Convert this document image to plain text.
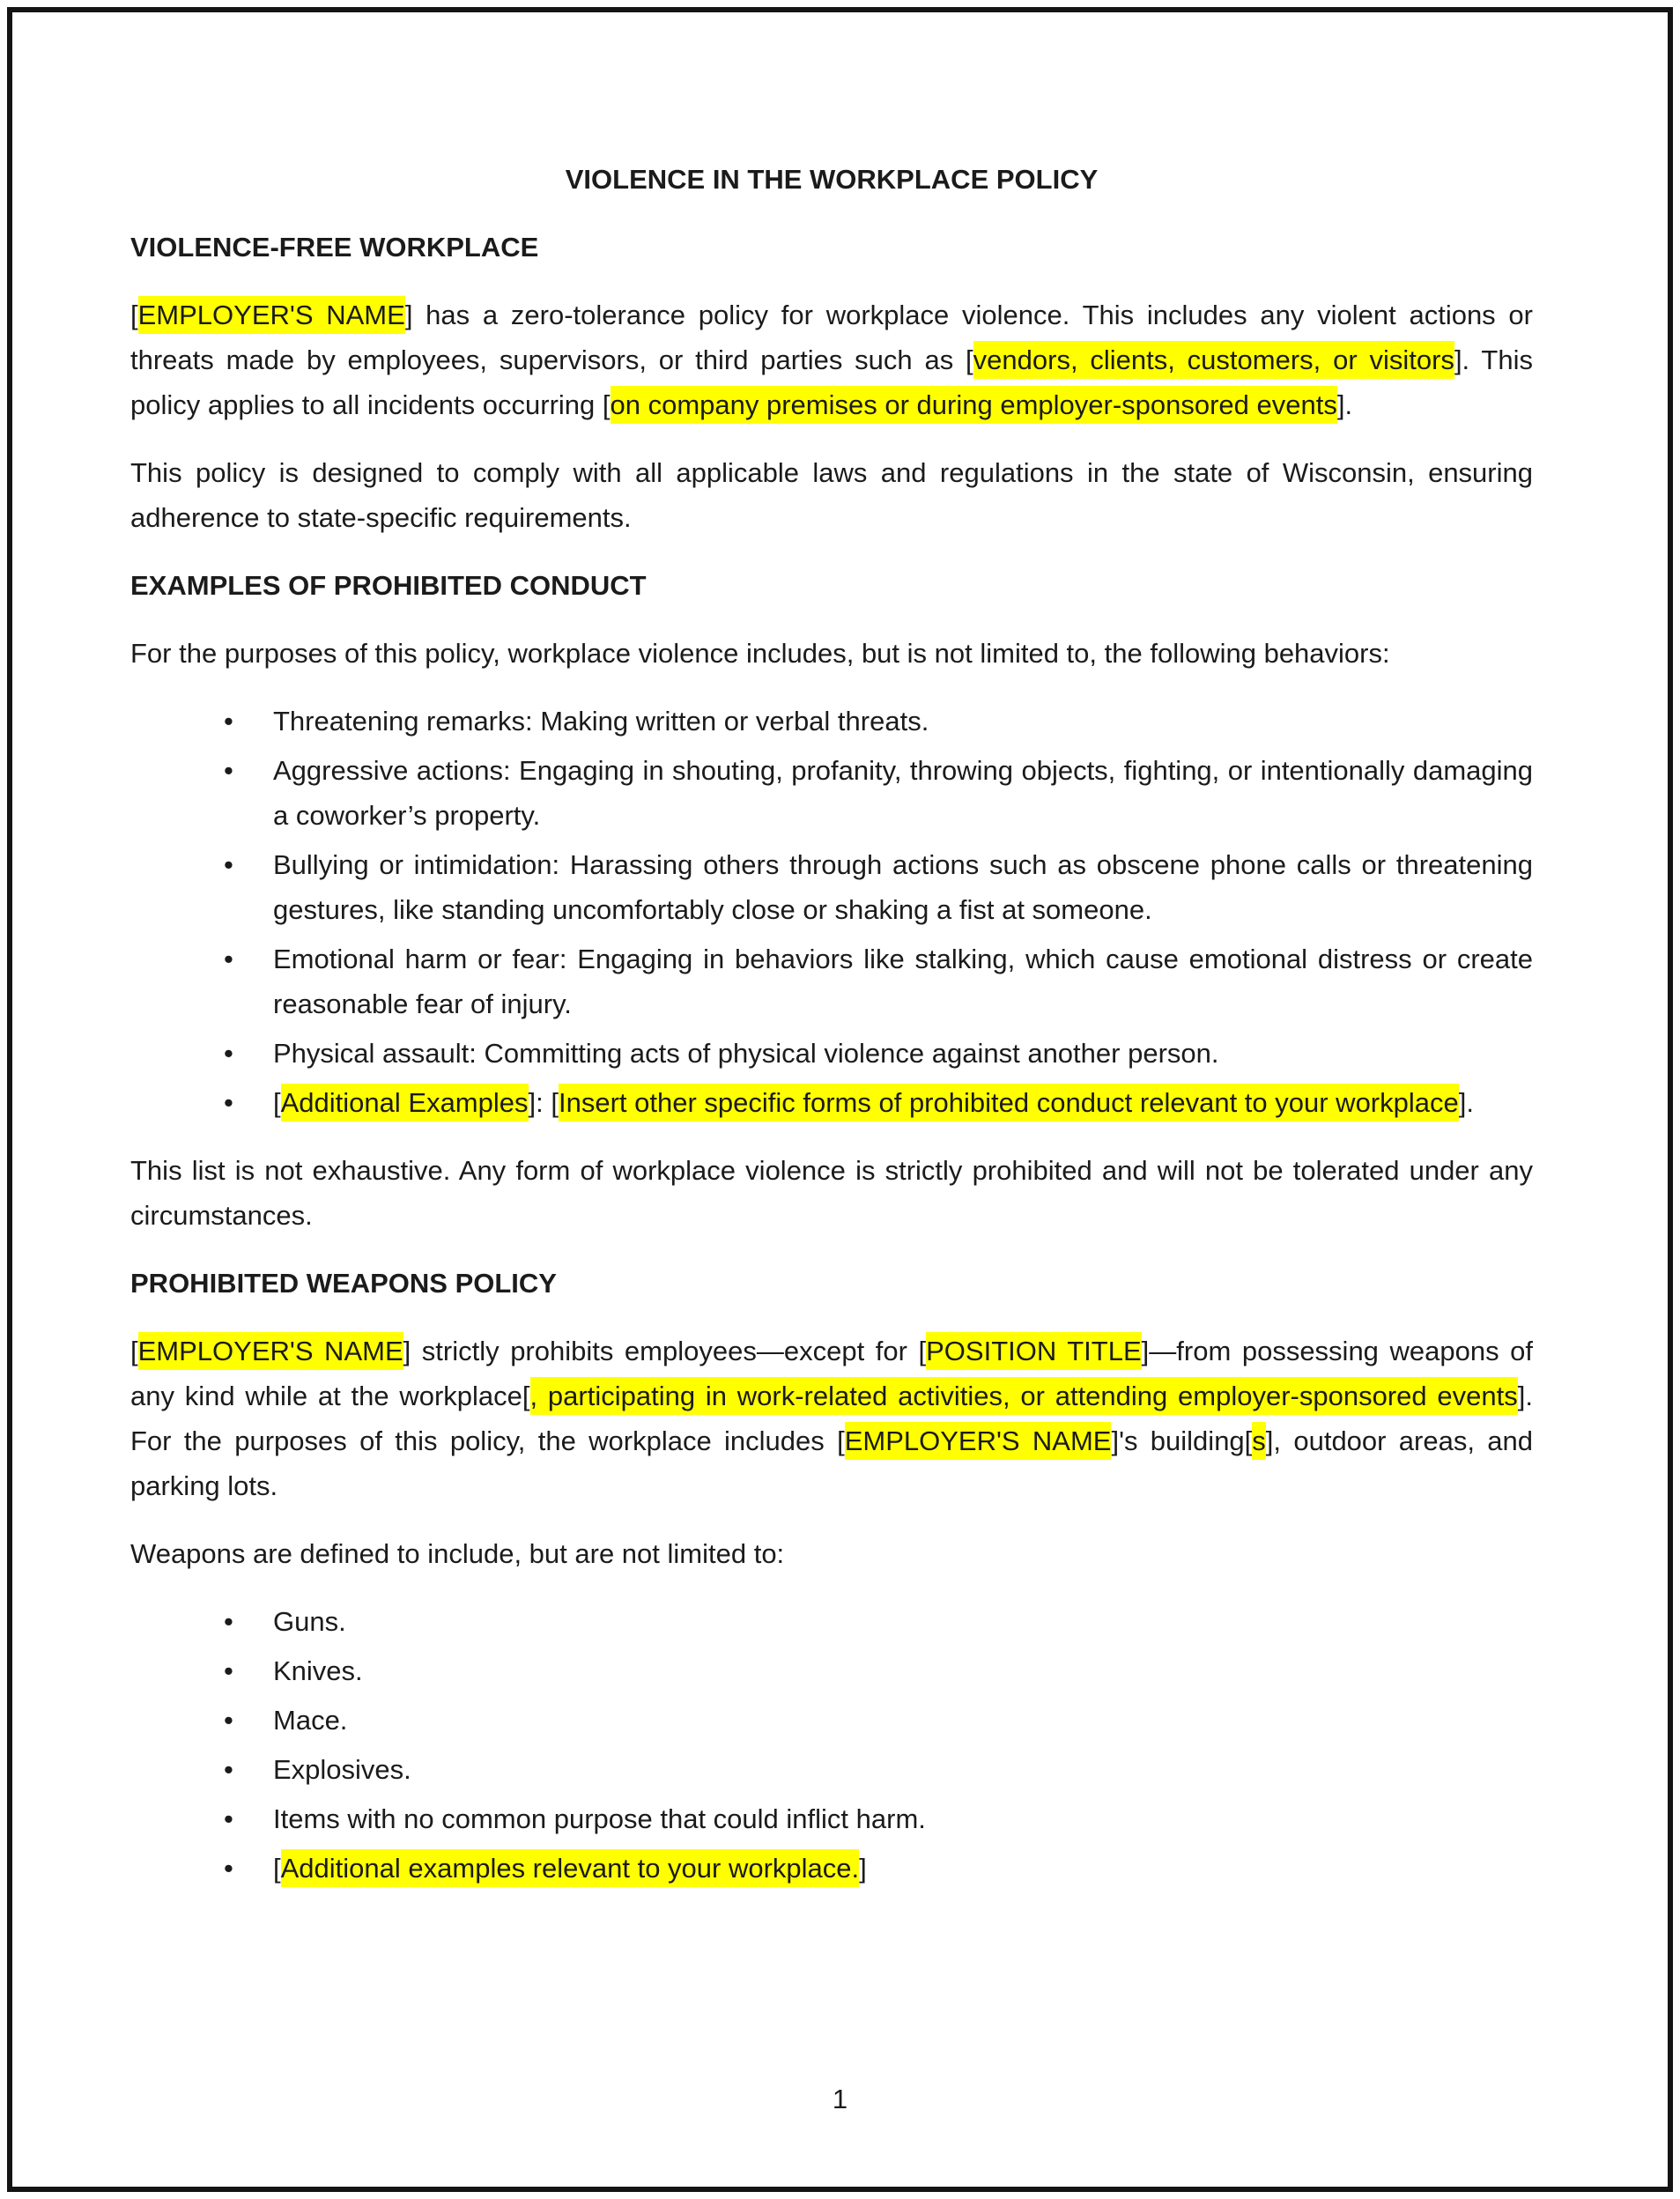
VIOLENCE IN THE WORKPLACE POLICY
VIOLENCE-FREE WORKPLACE

[EMPLOYER'S NAME] has a zero-tolerance policy for workplace violence. This includes any violent actions or threats made by employees, supervisors, or third parties such as [vendors, clients, customers, or visitors]. This policy applies to all incidents occurring [on company premises or during employer-sponsored events].

This policy is designed to comply with all applicable laws and regulations in the state of Wisconsin, ensuring adherence to state-specific requirements.

EXAMPLES OF PROHIBITED CONDUCT

For the purposes of this policy, workplace violence includes, but is not limited to, the following behaviors:

• Threatening remarks: Making written or verbal threats.
• Aggressive actions: Engaging in shouting, profanity, throwing objects, fighting, or intentionally damaging a coworker’s property.
• Bullying or intimidation: Harassing others through actions such as obscene phone calls or threatening gestures, like standing uncomfortably close or shaking a fist at someone.
• Emotional harm or fear: Engaging in behaviors like stalking, which cause emotional distress or create reasonable fear of injury.
• Physical assault: Committing acts of physical violence against another person.
• [Additional Examples]: [Insert other specific forms of prohibited conduct relevant to your workplace].

This list is not exhaustive. Any form of workplace violence is strictly prohibited and will not be tolerated under any circumstances.

PROHIBITED WEAPONS POLICY

[EMPLOYER'S NAME] strictly prohibits employees—except for [POSITION TITLE]—from possessing weapons of any kind while at the workplace[, participating in work-related activities, or attending employer-sponsored events]. For the purposes of this policy, the workplace includes [EMPLOYER'S NAME]'s building[s], outdoor areas, and parking lots.

Weapons are defined to include, but are not limited to:

• Guns.
• Knives.
• Mace.
• Explosives.
• Items with no common purpose that could inflict harm.
• [Additional examples relevant to your workplace.]
1
